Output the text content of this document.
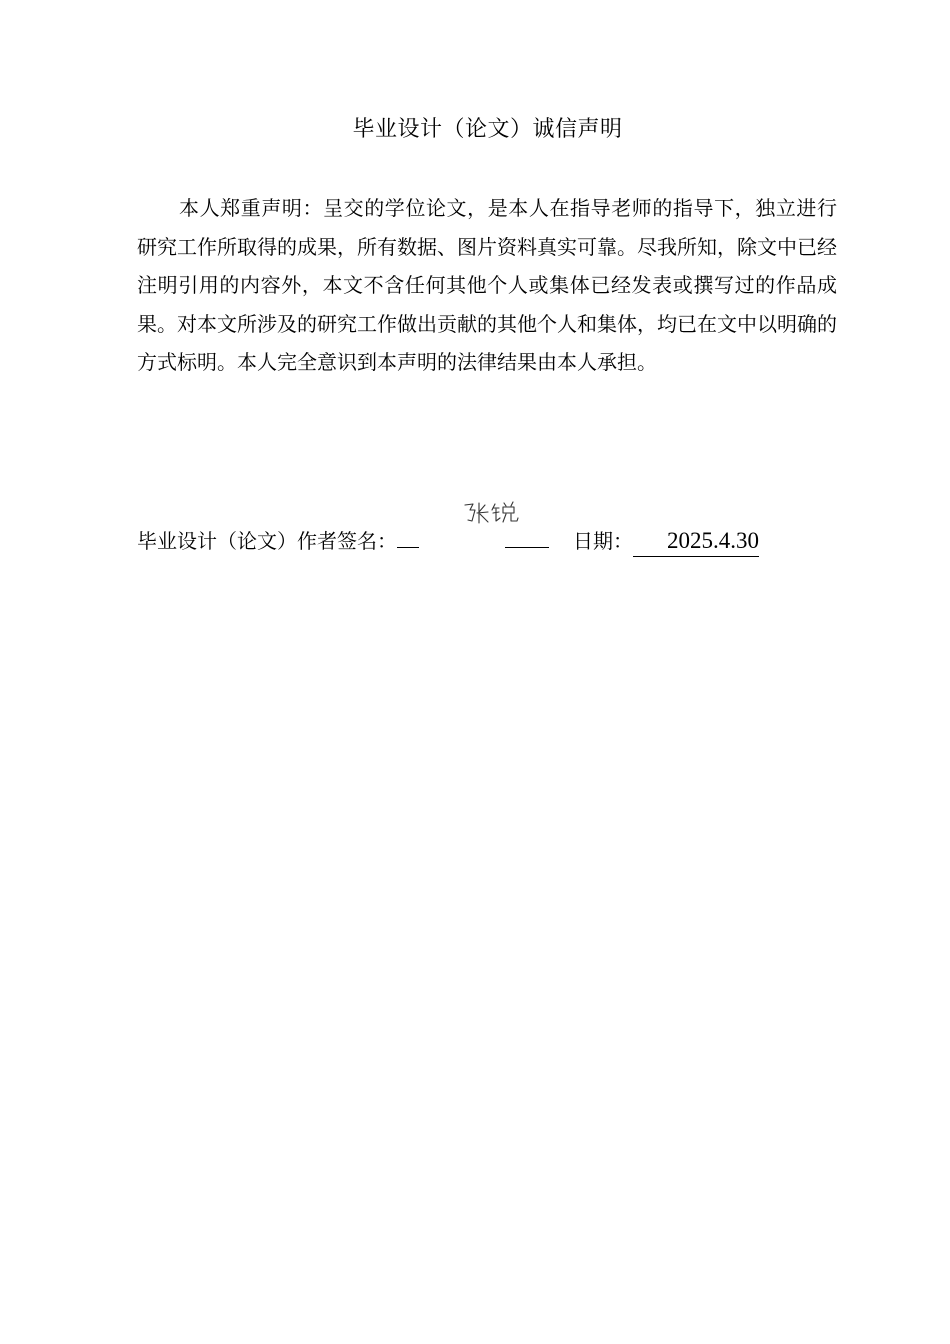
毕业设计（论文）诚信声明

本人郑重声明：呈交的学位论文，是本人在指导老师的指导下，独立进行研究工作所取得的成果，所有数据、图片资料真实可靠。尽我所知，除文中已经注明引用的内容外，本文不含任何其他个人或集体已经发表或撰写过的作品成果。对本文所涉及的研究工作做出贡献的其他个人和集体，均已在文中以明确的方式标明。本人完全意识到本声明的法律结果由本人承担。

毕业设计（论文）作者签名：	日期： 2025.4.30
